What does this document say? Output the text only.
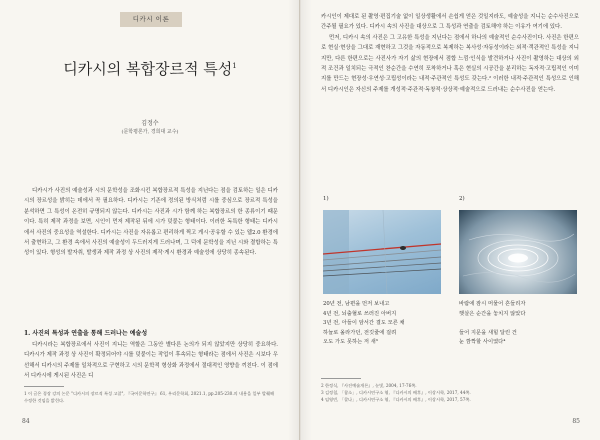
디카시 이론
디카시의 복합장르적 특성$^1$
김정수
(문학평론가, 경희대 교수)

디카시가 사진의 예술성과 시의 문학성을 조화시킨 복합장르적 특성을 지닌다는 점을 검토하는 일은 디카시의 장르성을 밝히는 데에서 꼭 필요하다. 디카시는 기존에 정의된 방식처럼 시를 중심으로 장르적 특성을 분석하면 그 특성이 온전히 규명되지 않는다. 디카시는 사진과 시가 함께 하는 복합장르의 한 종류이기 때문이다. 특히 제작 과정을 보면, 시인이 먼저 제작된 뒤에 시가 덧붙는 형태이다. 이러한 독특한 형태는 디카시에서 사진의 중요성을 역설한다. 디카시는 사진을 자유롭고 편리하게 찍고 게시·공유할 수 있는 웹2.0 환경에서 출현하고, 그 환경 속에서 사진의 예술성이 두드러지게 드러나며, 그 덕에 문학성을 지닌 시와 결합하는 특성이 있다. 형성의 발자취, 발생과 제작 과정 상 사진의 제작·게시 환경과 예술성에 상당히 종속된다.

1. 사진의 특성과 연출을 통해 드러나는 예술성

디카시라는 복합장르에서 사진이 지니는 역할은 그동안 별다른 논의가 되지 않았지만 상당히 중요하다. 디카시가 제작 과정 상 사진이 확정되어야 시를 덧붙이는 작업이 후속되는 형태라는 점에서 사진은 시보다 우선해서 디카시의 주제를 일차적으로 구현하고 시의 문학적 형상화 과정에서 절대적인 영향을 끼친다. 이 점에서 디카시에 게시된 사진은 디

1 이 글은 경장 강의 논문 "디카시의 장르적 특성 고찰", 『국어문학연구』 61, 우리문학회, 2021.1, pp.205-230.의 내용을 일부 발췌해 수정한 것임을 밝힌다.
84

카시인이 제대로 된 촬영·편집기술 없이 일상생활에서 손쉽게 얻은 것일지라도, 예술성을 지니는 순수사진으로 간주될 필요가 있다. 디카시 속의 사진을 대상으로 그 특성과 연출을 검토해야 하는 이유가 여기에 있다.

먼저, 디카시 속의 사진은 그 고유한 특성을 지닌다는 점에서 하나의 예술적인 순수사진이다. 사진은 한편으로 현실·현상을 그대로 재현하고 그것을 자동적으로 복제하는 복사성·자동성이라는 외적·객관적인 특성을 지니지만, 다른 한편으로는 사진사가 자기 삶의 현장에서 점합 느낌·인식을 발견하거나 사진이 촬영하는 대상의 외적 조건과 일치되는 극적인 찬순간을 수연히 포착하거나 혹은 현실의 시공간을 분리하는 독자적·고립적인 이미지를 만드는 현장성·우연성·고립성이라는 내적·주관적인 특성도 갖는다.² 이러한 내적·주관적인 특성으로 인해서 디카시인은 자신의 주제를 개성적·주관적·독창적·상상적·예술적으로 드러내는 순수사진을 얻는다.

1)	2)

20년 전, 남편을 먼저 보내고

4년 전, 뇌출혈로 쓰러진 아버지

3년 전, 아들이 암서간 결도 모른 채

하늘로 올라가던, 전깃줄에 걸려

오도 가도 못하는 저 새³

바람에 잠시 머물어 흔들리자

햇살은 순간을 놓치지 않았다

들어 지문을 새힐 달린 건

눈 깜짝할 사이였다⁴

2 한정식, 『사진예술개론』, 눈빛, 2004, 17-76쪽.

3 김정철, 「참소」, 디카시연구소 엮, 『디카시의 배후』, 이상시학, 2017, 44쪽.

4 임영빈, 「찰나」, 디카시연구소 엮, 『디카시의 배후』, 이상시학, 2017, 57쪽.

85
